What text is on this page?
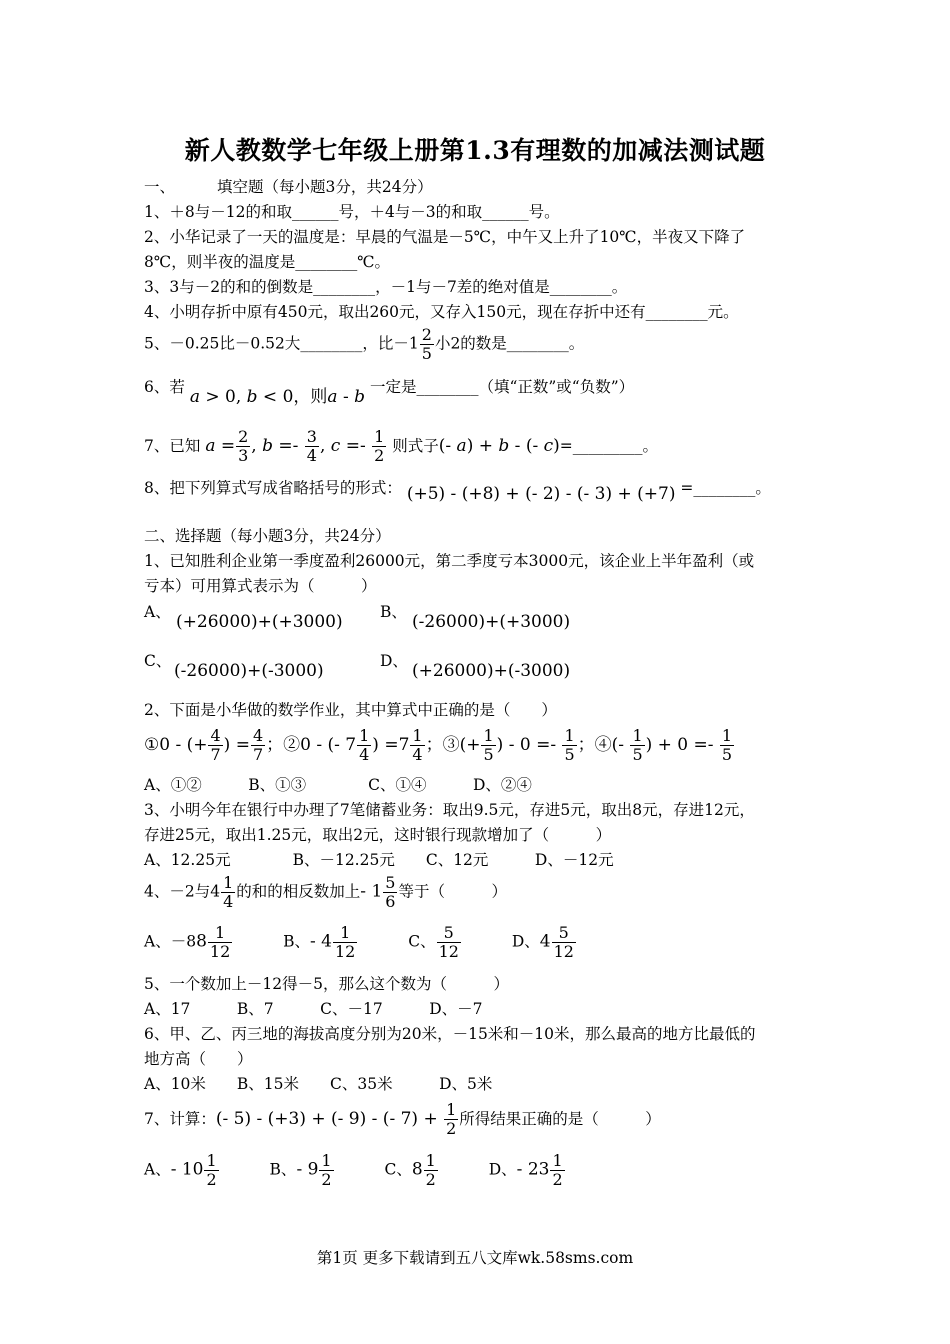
新人教数学七年级上册第1.3有理数的加减法测试题
一、	填空题（每小题3分，共24分）
1、＋8与－12的和取______号，＋4与－3的和取______号。
2、小华记录了一天的温度是：早晨的气温是－5℃，中午又上升了10℃，半夜又下降了
8℃，则半夜的温度是________℃。
3、3与－2的和的倒数是________，－1与－7差的绝对值是________。
4、小明存折中原有450元，取出260元，又存入150元，现在存折中还有________元。
5、－0.25比－0.52大________，比$-1 \frac{2}{5}$ 小2的数是________。
6、若 a > 0, b < 0，则a - b 一定是________（填“正数”或“负数”）
7、已知 $a = \frac{2}{3}$ , $b =- \frac{3}{4}$ , $c =- \frac{1}{2}$ 则式子(- a) + b - (- c)=_________。
8、把下列算式写成省略括号的形式： (+5) - (+8) + (- 2) - (- 3) + (+7) =________。
二、选择题（每小题3分，共24分）
1、已知胜利企业第一季度盈利26000元，第二季度亏本3000元，该企业上半年盈利（或
亏本）可用算式表示为（　　　）
A、 (+26000)+(+3000) B、 (-26000)+(+3000)
C、 (-26000)+(-3000)	D、 (+26000)+(-3000)
2、下面是小华做的数学作业，其中算式中正确的是（　　）
①0 - (+ $\frac{4}{7}$ ) = $\frac{4}{7}$ ；②0 - (- $7 \frac{1}{4}$ ) $=7 \frac{1}{4}$ ；③(+ $\frac{1}{5}$ ) - $0 =- \frac{1}{5}$ ；④(- $\frac{1}{5}$ ) + $0 =- \frac{1}{5}$
A、①②　　　B、①③　　　　C、①④　　　D、②④
3、小明今年在银行中办理了7笔储蓄业务：取出9.5元，存进5元，取出8元，存进12元，
存进25元，取出1.25元，取出2元，这时银行现款增加了（　　　）
A、12.25元　　　　B、－12.25元　　C、12元　　　D、－12元
4、－2与$4 \frac{1}{4}$ 的和的相反数加上- $1 \frac{5}{6}$ 等于（　　　）
A、$-88 \frac{1}{12}$	B、- $4 \frac{1}{12}$	C、 $\frac{5}{12}$	D、$4 \frac{5}{12}$
5、一个数加上－12得－5，那么这个数为（　　　）
A、17　　　B、7　　　C、－17　　　D、－7
6、甲、乙、丙三地的海拔高度分别为20米，－15米和－10米，那么最高的地方比最低的
地方高（　　）
A、10米　　B、15米　　C、35米　　　D、5米
7、计算：(- 5) - (+3) + (- 9) - (- $7) + \frac{1}{2}$ 所得结果正确的是（　　　）
A、- $10 \frac{1}{2}$	B、- $9 \frac{1}{2}$	C、$8 \frac{1}{2}$	D、- $23 \frac{1}{2}$
第1页 更多下载请到五八文库wk.58sms.com
